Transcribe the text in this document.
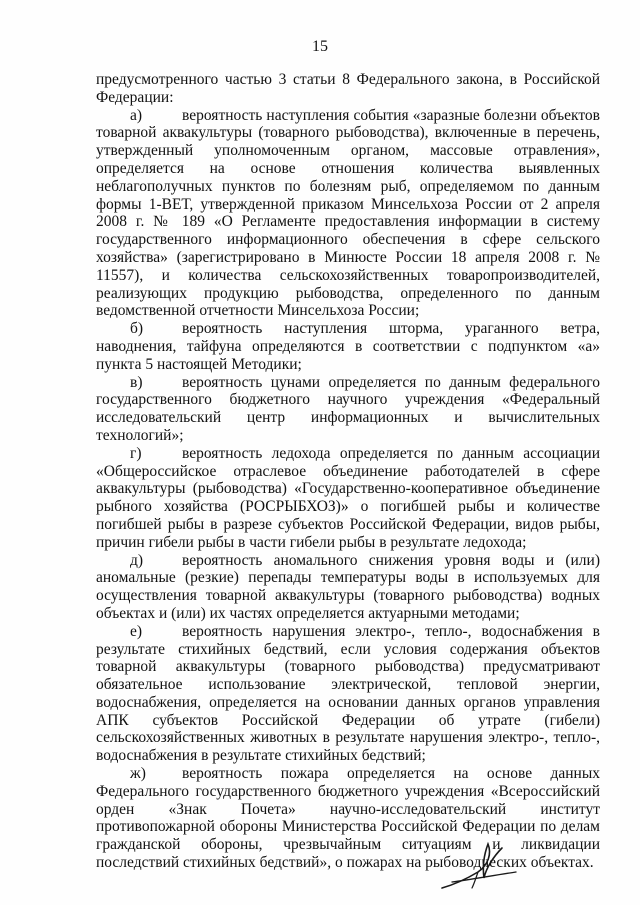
15

предусмотренного частью 3 статьи 8 Федерального закона, в Российской Федерации:

а)	вероятность наступления события «заразные болезни объектов товарной аквакультуры (товарного рыбоводства), включенные в перечень, утвержденный уполномоченным органом, массовые отравления», определяется на основе отношения количества выявленных неблагополучных пунктов по болезням рыб, определяемом по данным формы 1-ВЕТ, утвержденной приказом Минсельхоза России от 2 апреля 2008 г. № 189 «О Регламенте предоставления информации в систему государственного информационного обеспечения в сфере сельского хозяйства» (зарегистрировано в Минюсте России 18 апреля 2008 г. № 11557), и количества сельскохозяйственных товаропроизводителей, реализующих продукцию рыбоводства, определенного по данным ведомственной отчетности Минсельхоза России;

б)	вероятность наступления шторма, ураганного ветра, наводнения, тайфуна определяются в соответствии с подпунктом «а» пункта 5 настоящей Методики;

в)	вероятность цунами определяется по данным федерального государственного бюджетного научного учреждения «Федеральный исследовательский центр информационных и вычислительных технологий»;

г)	вероятность ледохода определяется по данным ассоциации «Общероссийское отраслевое объединение работодателей в сфере аквакультуры (рыбоводства) «Государственно-кооперативное объединение рыбного хозяйства (РОСРЫБХОЗ)» о погибшей рыбы и количестве погибшей рыбы в разрезе субъектов Российской Федерации, видов рыбы, причин гибели рыбы в части гибели рыбы в результате ледохода;

д)	вероятность аномального снижения уровня воды и (или) аномальные (резкие) перепады температуры воды в используемых для осуществления товарной аквакультуры (товарного рыбоводства) водных объектах и (или) их частях определяется актуарными методами;

е)	вероятность нарушения электро-, тепло-, водоснабжения в результате стихийных бедствий, если условия содержания объектов товарной аквакультуры (товарного рыбоводства) предусматривают обязательное использование электрической, тепловой энергии, водоснабжения, определяется на основании данных органов управления АПК субъектов Российской Федерации об утрате (гибели) сельскохозяйственных животных в результате нарушения электро-, тепло-, водоснабжения в результате стихийных бедствий;

ж) вероятность пожара определяется на основе данных Федерального государственного бюджетного учреждения «Всероссийский орден «Знак Почета» научно-исследовательский институт противопожарной обороны Министерства Российской Федерации по делам гражданской обороны, чрезвычайным ситуациям и ликвидации последствий стихийных бедствий», о пожарах на рыбоводческих объектах.
